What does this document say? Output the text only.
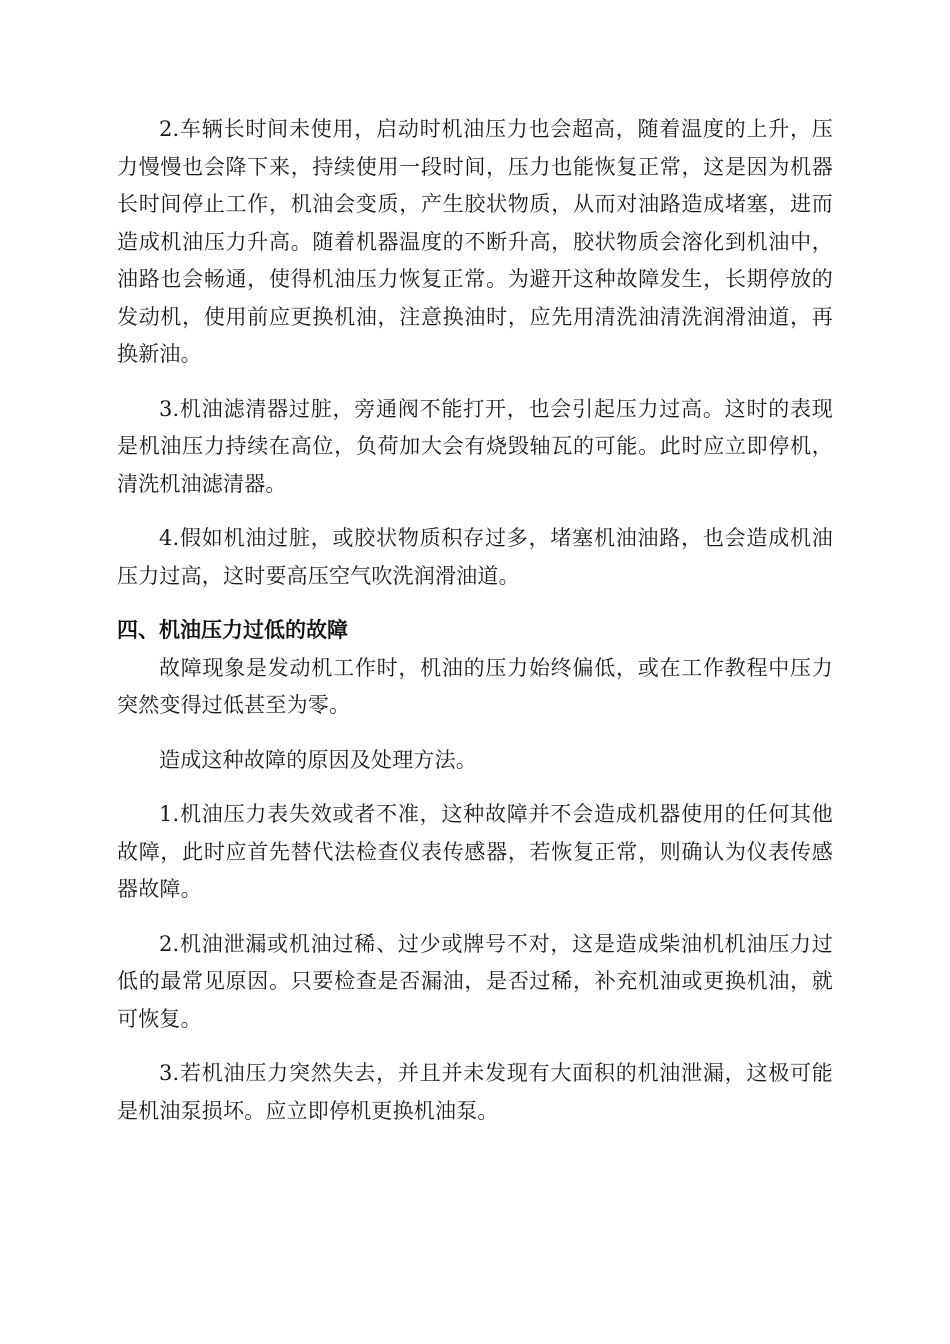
2.车辆长时间未使用，启动时机油压力也会超高，随着温度的上升，压力慢慢也会降下来，持续使用一段时间，压力也能恢复正常，这是因为机器长时间停止工作，机油会变质，产生胶状物质，从而对油路造成堵塞，进而造成机油压力升高。随着机器温度的不断升高，胶状物质会溶化到机油中，油路也会畅通，使得机油压力恢复正常。为避开这种故障发生，长期停放的发动机，使用前应更换机油，注意换油时，应先用清洗油清洗润滑油道，再换新油。

3.机油滤清器过脏，旁通阀不能打开，也会引起压力过高。这时的表现是机油压力持续在高位，负荷加大会有烧毁轴瓦的可能。此时应立即停机，清洗机油滤清器。

4.假如机油过脏，或胶状物质积存过多，堵塞机油油路，也会造成机油压力过高，这时要高压空气吹洗润滑油道。

四、机油压力过低的故障

故障现象是发动机工作时，机油的压力始终偏低，或在工作教程中压力突然变得过低甚至为零。

造成这种故障的原因及处理方法。

1.机油压力表失效或者不准，这种故障并不会造成机器使用的任何其他故障，此时应首先替代法检查仪表传感器，若恢复正常，则确认为仪表传感器故障。

2.机油泄漏或机油过稀、过少或牌号不对，这是造成柴油机机油压力过低的最常见原因。只要检查是否漏油，是否过稀，补充机油或更换机油，就可恢复。

3.若机油压力突然失去，并且并未发现有大面积的机油泄漏，这极可能是机油泵损坏。应立即停机更换机油泵。
